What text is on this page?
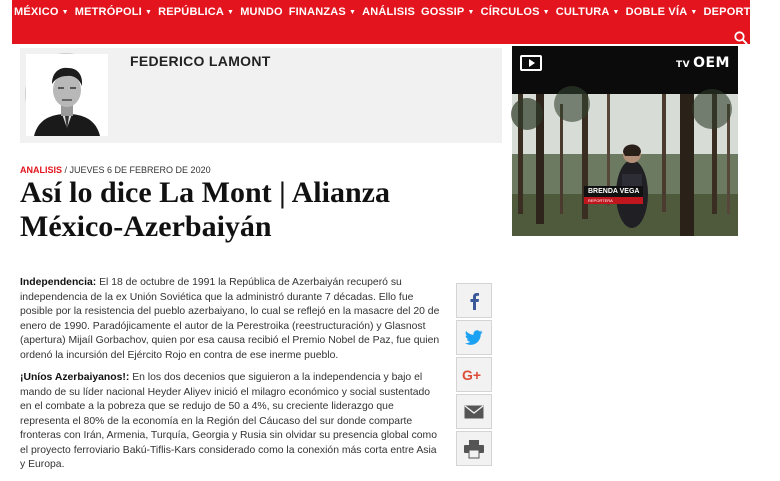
MÉXICO ▼ METRÓPOLI ▼ REPÚBLICA ▼ MUNDO FINANZAS ▼ ANÁLISIS GOSSIP ▼ CÍRCULOS ▼ CULTURA ▼ DOBLE VÍA ▼ DEPORTES ▼
FEDERICO LAMONT	TV OEM
BRENDA VEGA
REPORTERA
ANALISIS / JUEVES 6 DE FEBRERO DE 2020
Así lo dice La Mont | Alianza México-Azerbaiyán

Independencia: El 18 de octubre de 1991 la República de Azerbaiyán recuperó su independencia de la ex Unión Soviética que la administró durante 7 décadas. Ello fue posible por la resistencia del pueblo azerbaiyano, lo cual se reflejó en la masacre del 20 de enero de 1990. Paradójicamente el autor de la Perestroika (reestructuración) y Glasnost (apertura) Mijaíl Gorbachov, quien por esa causa recibió el Premio Nobel de Paz, fue quien ordenó la incursión del Ejército Rojo en contra de ese inerme pueblo.

¡Uníos Azerbaiyanos!: En los dos decenios que siguieron a la independencia y bajo el mando de su líder nacional Heyder Aliyev inició el milagro económico y social sustentado en el combate a la pobreza que se redujo de 50 a 4%, su creciente liderazgo que representa el 80% de la economía en la Región del Cáucaso del sur donde comparte fronteras con Irán, Armenia, Turquía, Georgia y Rusia sin olvidar su presencia global como el proyecto ferroviario Bakú-Tiflis-Kars considerado como la conexión más corta entre Asia y Europa.

G+
